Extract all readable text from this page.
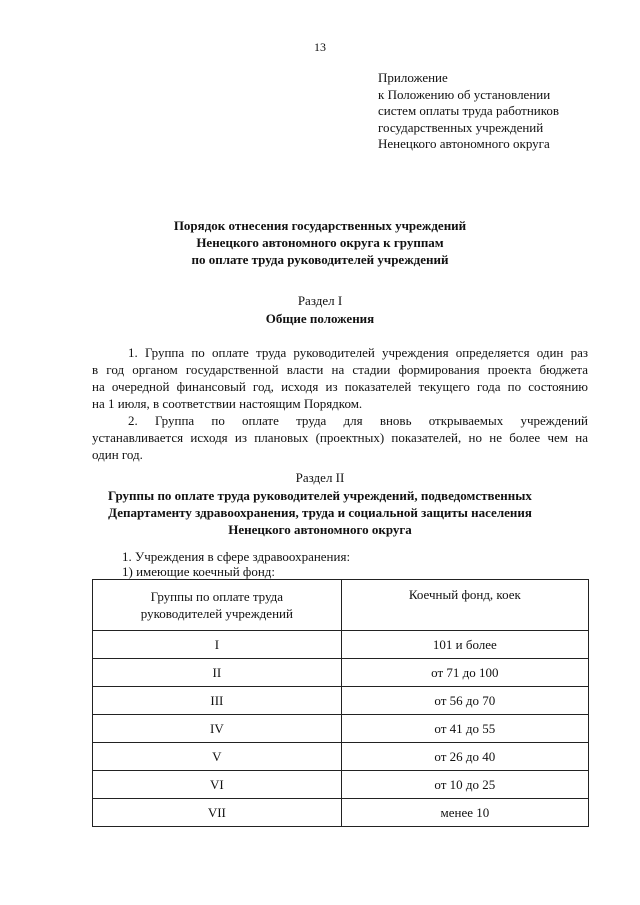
13
Приложение
к Положению об установлении
систем оплаты труда работников
государственных учреждений
Ненецкого автономного округа
Порядок отнесения государственных учреждений
Ненецкого автономного округа к группам
по оплате труда руководителей учреждений
Раздел I
Общие положения
1. Группа по оплате труда руководителей учреждения определяется один раз
в год органом государственной власти на стадии формирования проекта бюджета
на очередной финансовый год, исходя из показателей текущего года по состоянию
на 1 июля, в соответствии настоящим Порядком.
2. Группа по оплате труда для вновь открываемых учреждений
устанавливается исходя из плановых (проектных) показателей, но не более чем на
один год.
Раздел II
Группы по оплате труда руководителей учреждений, подведомственных
Департаменту здравоохранения, труда и социальной защиты населения
Ненецкого автономного округа
1. Учреждения в сфере здравоохранения:
1) имеющие коечный фонд:
Группы по оплате труда руководителей учреждений	Коечный фонд, коек
I	101 и более
II	от 71 до 100
III	от 56 до 70
IV	от 41 до 55
V	от 26 до 40
VI	от 10 до 25
VII	менее 10
